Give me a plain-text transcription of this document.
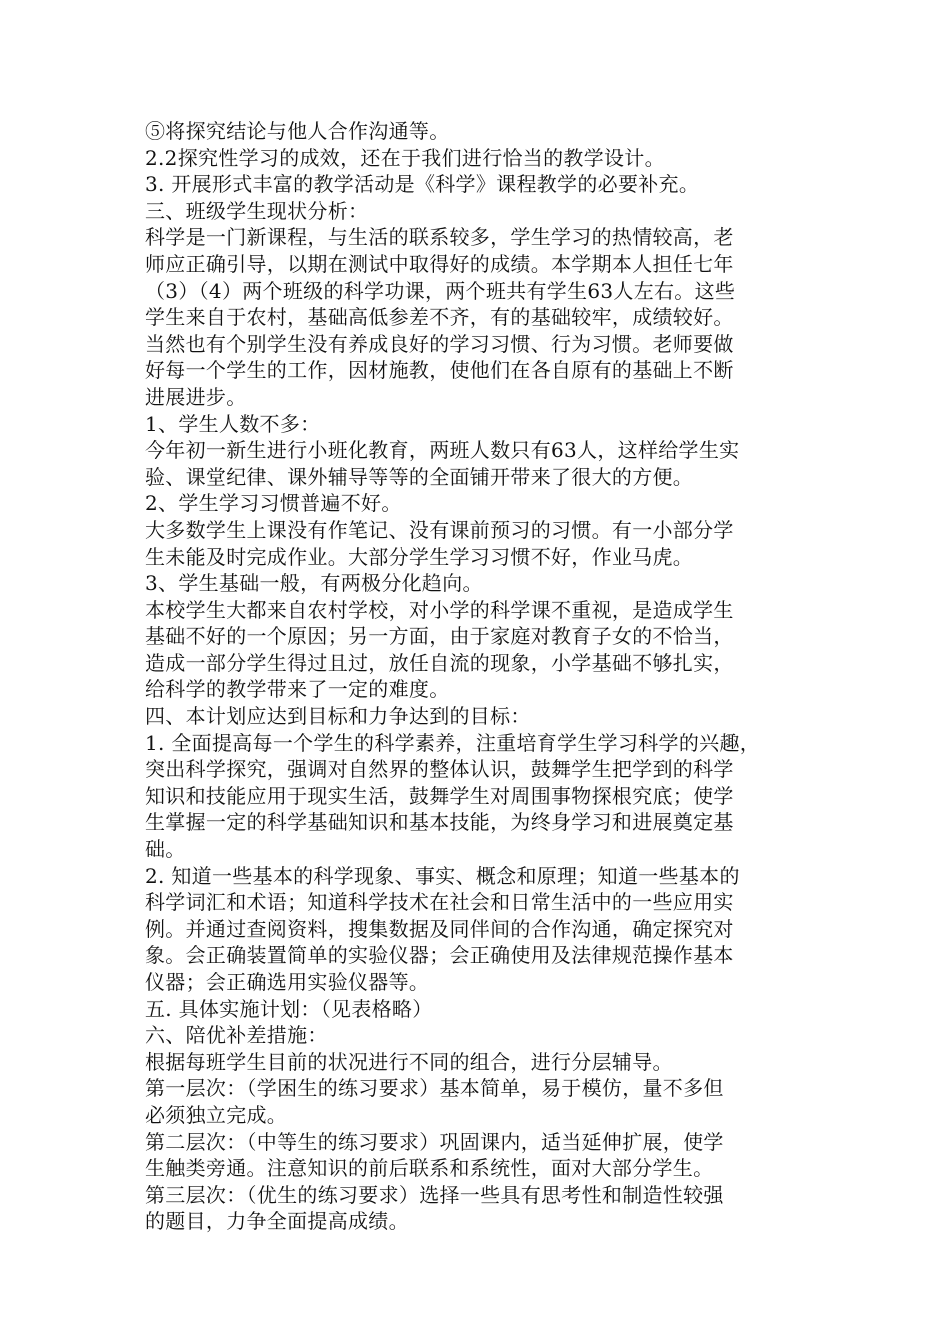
⑤将探究结论与他人合作沟通等。
2.2探究性学习的成效，还在于我们进行恰当的教学设计。
3. 开展形式丰富的教学活动是《科学》课程教学的必要补充。
三、班级学生现状分析：
科学是一门新课程，与生活的联系较多，学生学习的热情较高，老
师应正确引导，以期在测试中取得好的成绩。本学期本人担任七年
（3）（4）两个班级的科学功课，两个班共有学生63人左右。这些
学生来自于农村，基础高低参差不齐，有的基础较牢，成绩较好。
当然也有个别学生没有养成良好的学习习惯、行为习惯。老师要做
好每一个学生的工作，因材施教，使他们在各自原有的基础上不断
进展进步。
1、学生人数不多：
今年初一新生进行小班化教育，两班人数只有63人，这样给学生实
验、课堂纪律、课外辅导等等的全面铺开带来了很大的方便。
2、学生学习习惯普遍不好。
大多数学生上课没有作笔记、没有课前预习的习惯。有一小部分学
生未能及时完成作业。大部分学生学习习惯不好，作业马虎。
3、学生基础一般，有两极分化趋向。
本校学生大都来自农村学校，对小学的科学课不重视，是造成学生
基础不好的一个原因；另一方面，由于家庭对教育子女的不恰当，
造成一部分学生得过且过，放任自流的现象，小学基础不够扎实，
给科学的教学带来了一定的难度。
四、本计划应达到目标和力争达到的目标：
1. 全面提高每一个学生的科学素养，注重培育学生学习科学的兴趣，
突出科学探究，强调对自然界的整体认识，鼓舞学生把学到的科学
知识和技能应用于现实生活，鼓舞学生对周围事物探根究底；使学
生掌握一定的科学基础知识和基本技能，为终身学习和进展奠定基
础。
2. 知道一些基本的科学现象、事实、概念和原理；知道一些基本的
科学词汇和术语；知道科学技术在社会和日常生活中的一些应用实
例。并通过查阅资料，搜集数据及同伴间的合作沟通，确定探究对
象。会正确装置简单的实验仪器；会正确使用及法律规范操作基本
仪器；会正确选用实验仪器等。
五. 具体实施计划：（见表格略）
六、陪优补差措施：
根据每班学生目前的状况进行不同的组合，进行分层辅导。
第一层次：（学困生的练习要求）基本简单，易于模仿，量不多但
必须独立完成。
第二层次：（中等生的练习要求）巩固课内，适当延伸扩展，使学
生触类旁通。注意知识的前后联系和系统性，面对大部分学生。
第三层次：（优生的练习要求）选择一些具有思考性和制造性较强
的题目，力争全面提高成绩。
